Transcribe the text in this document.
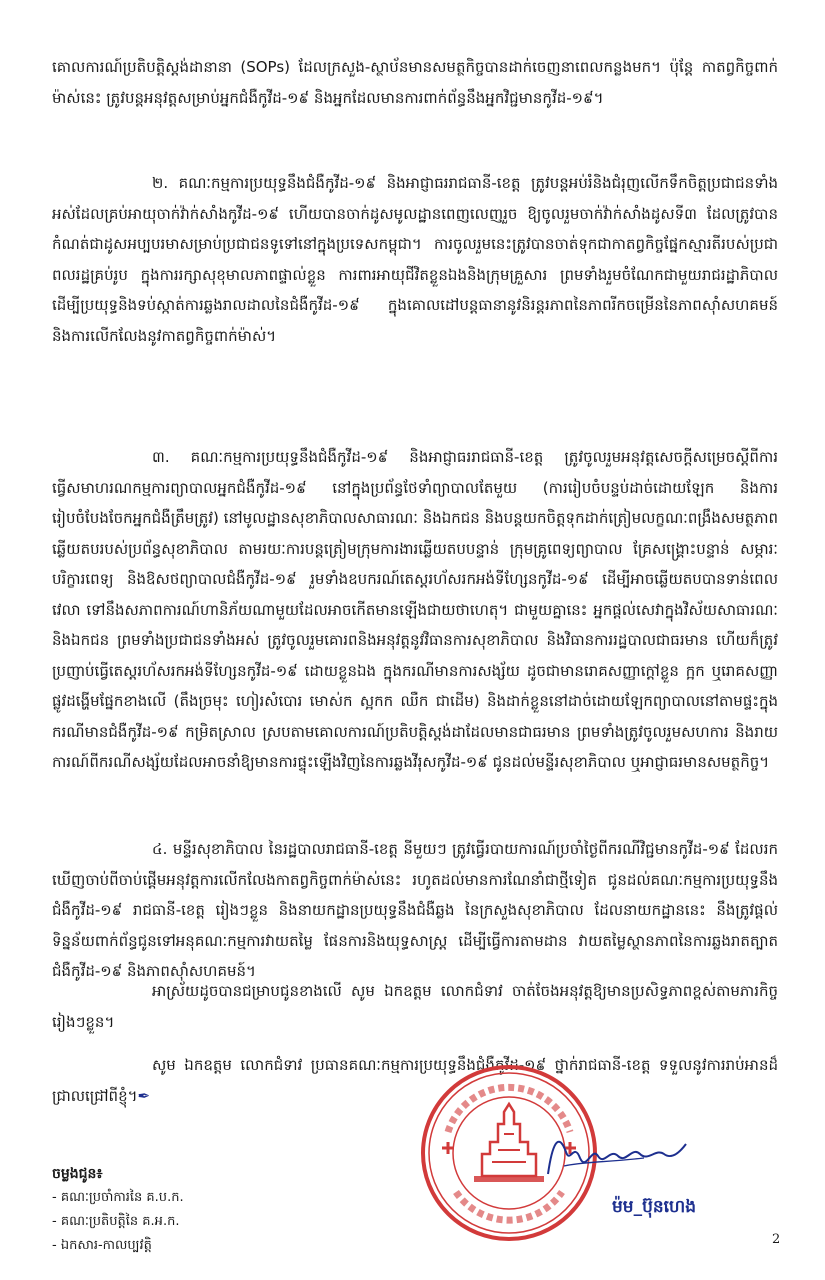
គោលការណ៍ប្រតិបត្តិស្តង់ដានានា (SOPs) ដែលក្រសួង-ស្ថាប័នមានសមត្ថកិច្ចបានដាក់ចេញនាពេលកន្លងមក។ ប៉ុន្តែ កាតព្វកិច្ចពាក់ម៉ាស់នេះ ត្រូវបន្តអនុវត្តសម្រាប់អ្នកជំងឺកូវីដ-១៩ និងអ្នកដែលមានការពាក់ព័ន្ធនឹងអ្នកវិជ្ជមានកូវីដ-១៩។
២. គណៈកម្មការប្រយុទ្ធនឹងជំងឺកូវីដ-១៩ និងអាជ្ញាធររាជធានី-ខេត្ត ត្រូវបន្តអប់រំនិងជំរុញលើកទឹកចិត្តប្រជាជនទាំងអស់ដែលគ្រប់អាយុចាក់វ៉ាក់សាំងកូវីដ-១៩ ហើយបានចាក់ដូសមូលដ្ឋានពេញលេញរួច ឱ្យចូលរួមចាក់វ៉ាក់សាំងដូសទី៣ ដែលត្រូវបានកំណត់ជាដូសអប្បបរមាសម្រាប់ប្រជាជនទូទៅនៅក្នុងប្រទេសកម្ពុជា។ ការចូលរួមនេះត្រូវបានចាត់ទុកជាកាតព្វកិច្ចផ្នែកស្មារតីរបស់ប្រជាពលរដ្ឋគ្រប់រូប ក្នុងការរក្សាសុខុមាលភាពផ្ទាល់ខ្លួន ការពារអាយុជីវិតខ្លួនឯងនិងក្រុមគ្រួសារ ព្រមទាំងរួមចំណែកជាមួយរាជរដ្ឋាភិបាល ដើម្បីប្រយុទ្ធនិងទប់ស្កាត់ការឆ្លងរាលដាលនៃជំងឺកូវីដ-១៩ ក្នុងគោលដៅបន្តធានានូវនិរន្តរភាពនៃភាពរីកចម្រើននៃភាពស៊ាំសហគមន៍ និងការលើកលែងនូវកាតព្វកិច្ចពាក់ម៉ាស់។
៣. គណៈកម្មការប្រយុទ្ធនឹងជំងឺកូវីដ-១៩ និងអាជ្ញាធររាជធានី-ខេត្ត ត្រូវចូលរួមអនុវត្តសេចក្តីសម្រេចស្តីពីការធ្វើសមាហរណកម្មការព្យាបាលអ្នកជំងឺកូវីដ-១៩ នៅក្នុងប្រព័ន្ធថែទាំព្យាបាលតែមួយ (ការរៀបចំបន្ទប់ដាច់ដោយឡែក និងការរៀបចំបែងចែកអ្នកជំងឺត្រឹមត្រូវ) នៅមូលដ្ឋានសុខាភិបាលសាធារណៈ និងឯកជន និងបន្តយកចិត្តទុកដាក់ត្រៀមលក្ខណៈពង្រឹងសមត្ថភាពឆ្លើយតបរបស់ប្រព័ន្ធសុខាភិបាល តាមរយៈការបន្តត្រៀមក្រុមការងារឆ្លើយតបបន្ទាន់ ក្រុមគ្រូពេទ្យព្យាបាល គ្រែសង្គ្រោះបន្ទាន់ សម្ភារៈបរិក្ខារពេទ្យ និងឱសថព្យាបាលជំងឺកូវីដ-១៩ រួមទាំងឧបករណ៍តេស្តរហ័សរកអង់ទីហ្សែនកូវីដ-១៩ ដើម្បីអាចឆ្លើយតបបានទាន់ពេលវេលា ទៅនឹងសភាពការណ៍ហានិភ័យណាមួយដែលអាចកើតមានឡើងជាយថាហេតុ។ ជាមួយគ្នានេះ អ្នកផ្តល់សេវាក្នុងវិស័យសាធារណៈ និងឯកជន ព្រមទាំងប្រជាជនទាំងអស់ ត្រូវចូលរួមគោរពនិងអនុវត្តនូវវិធានការសុខាភិបាល និងវិធានការរដ្ឋបាលជាធរមាន ហើយក៏ត្រូវប្រញាប់ធ្វើតេស្តរហ័សរកអង់ទីហ្សែនកូវីដ-១៩ ដោយខ្លួនឯង ក្នុងករណីមានការសង្ស័យ ដូចជាមានរោគសញ្ញាក្តៅខ្លួន ក្អក ឬរោគសញ្ញាផ្លូវដង្ហើមផ្នែកខាងលើ (តឹងច្រមុះ ហៀរសំបោរ មោស់ក ស្អកក ឈឺក ជាដើម) និងដាក់ខ្លួននៅដាច់ដោយឡែកព្យាបាលនៅតាមផ្ទះក្នុងករណីមានជំងឺកូវីដ-១៩ កម្រិតស្រាល ស្របតាមគោលការណ៍ប្រតិបត្តិស្តង់ដាដែលមានជាធរមាន ព្រមទាំងត្រូវចូលរួមសហការ និងរាយការណ៍ពីករណីសង្ស័យដែលអាចនាំឱ្យមានការផ្ទុះឡើងវិញនៃការឆ្លងវីរុសកូវីដ-១៩ ជូនដល់មន្ទីរសុខាភិបាល ឬអាជ្ញាធរមានសមត្ថកិច្ច។
៤. មន្ទីរសុខាភិបាល នៃរដ្ឋបាលរាជធានី-ខេត្ត នីមួយៗ ត្រូវធ្វើរបាយការណ៍ប្រចាំថ្ងៃពីករណីវិជ្ជមានកូវីដ-១៩ ដែលរកឃើញចាប់ពីចាប់ផ្តើមអនុវត្តការលើកលែងកាតព្វកិច្ចពាក់ម៉ាស់នេះ រហូតដល់មានការណែនាំជាថ្មីទៀត ជូនដល់គណៈកម្មការប្រយុទ្ធនឹងជំងឺកូវីដ-១៩ រាជធានី-ខេត្ត រៀងៗខ្លួន និងនាយកដ្ឋានប្រយុទ្ធនឹងជំងឺឆ្លង នៃក្រសួងសុខាភិបាល ដែលនាយកដ្ឋាននេះ នឹងត្រូវផ្តល់ទិន្នន័យពាក់ព័ន្ធជូនទៅអនុគណៈកម្មការវាយតម្លៃ ផែនការនិងយុទ្ធសាស្ត្រ ដើម្បីធ្វើការតាមដាន វាយតម្លៃស្ថានភាពនៃការឆ្លងរាតត្បាតជំងឺកូវីដ-១៩ និងភាពស៊ាំសហគមន៍។
អាស្រ័យដូចបានជម្រាបជូនខាងលើ សូម ឯកឧត្តម លោកជំទាវ ចាត់ចែងអនុវត្តឱ្យមានប្រសិទ្ធភាពខ្ពស់តាមភារកិច្ចរៀងៗខ្លួន។
សូម ឯកឧត្តម លោកជំទាវ ប្រធានគណៈកម្មការប្រយុទ្ធនឹងជំងឺកូវីដ-១៩ ថ្នាក់រាជធានី-ខេត្ត ទទួលនូវការរាប់អានដ៏ជ្រាលជ្រៅពីខ្ញុំ។✒
ចម្លងជូន៖
- គណៈប្រចាំការនៃ គ.ប.ក.
- គណៈប្រតិបត្តិនៃ គ.អ.ក.
- ឯកសារ-កាលប្បវត្តិ
ម៉ម_ប៊ុនហេង
2
